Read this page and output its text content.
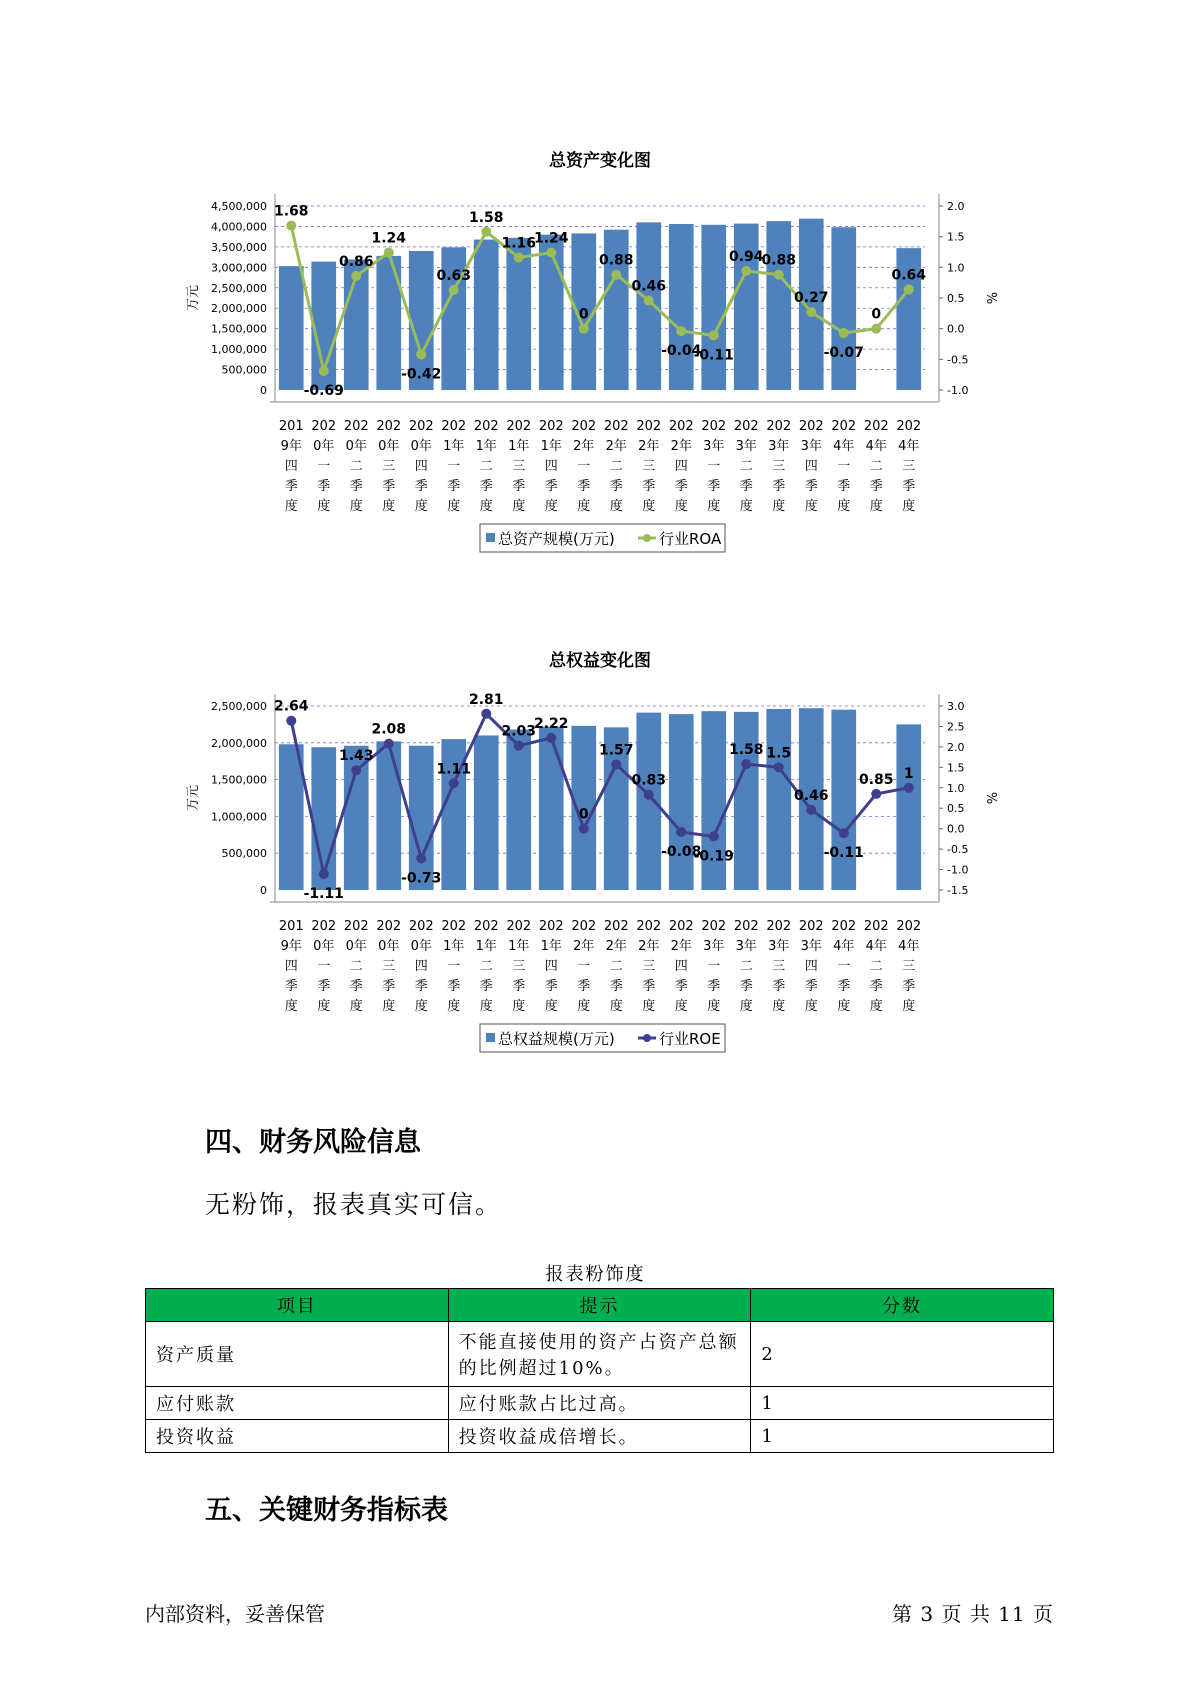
总资产变化图
0
500,000
1,000,000
1,500,000
2,000,000
2,500,000
3,000,000
3,500,000
4,000,000
4,500,000
-1.0
-0.5
0.0
0.5
1.0
1.5
2.0
万元	%
1.68
-0.69
0.86
1.24
-0.42
0.63
1.58
1.16
1.24
0
0.88
0.46
-0.04
-0.11
0.94
0.88
0.27
-0.07
0
0.64
201 9年四季度
202 0年一季度
202 0年二季度
202 0年三季度
202 0年四季度
202 1年一季度
202 1年二季度
202 1年三季度
202 1年四季度
202 2年一季度
202 2年二季度
202 2年三季度
202 2年四季度
202 3年一季度
202 3年二季度
202 3年三季度
202 3年四季度
202 4年一季度
202 4年二季度
202 4年三季度
总资产规模(万元)	行业ROA
总权益变化图
0
500,000
1,000,000
1,500,000
2,000,000
2,500,000
-1.5
-1.0
-0.5
0.0
0.5
1.0
1.5
2.0
2.5
3.0
万元	%
2.64
-1.11
1.43
2.08
-0.73
1.11
2.81
2.03
2.22
0
1.57
0.83
-0.08
-0.19
1.58 1.5
0.46
-0.11
0.85 1
201 9年四季度
202 0年一季度
202 0年二季度
202 0年三季度
202 0年四季度
202 1年一季度
202 1年二季度
202 1年三季度
202 1年四季度
202 2年一季度
202 2年二季度
202 2年三季度
202 2年四季度
202 3年一季度
202 3年二季度
202 3年三季度
202 3年四季度
202 4年一季度
202 4年二季度
202 4年三季度
总权益规模(万元)	行业ROE
四、财务风险信息

无粉饰，报表真实可信。

报表粉饰度
项目	提示	分数
资产质量	不能直接使用的资产占资产总额的比例超过10%。	2
应付账款	应付账款占比过高。	1
投资收益	投资收益成倍增长。	1
五、关键财务指标表
内部资料，妥善保管	第 3 页 共 11 页
